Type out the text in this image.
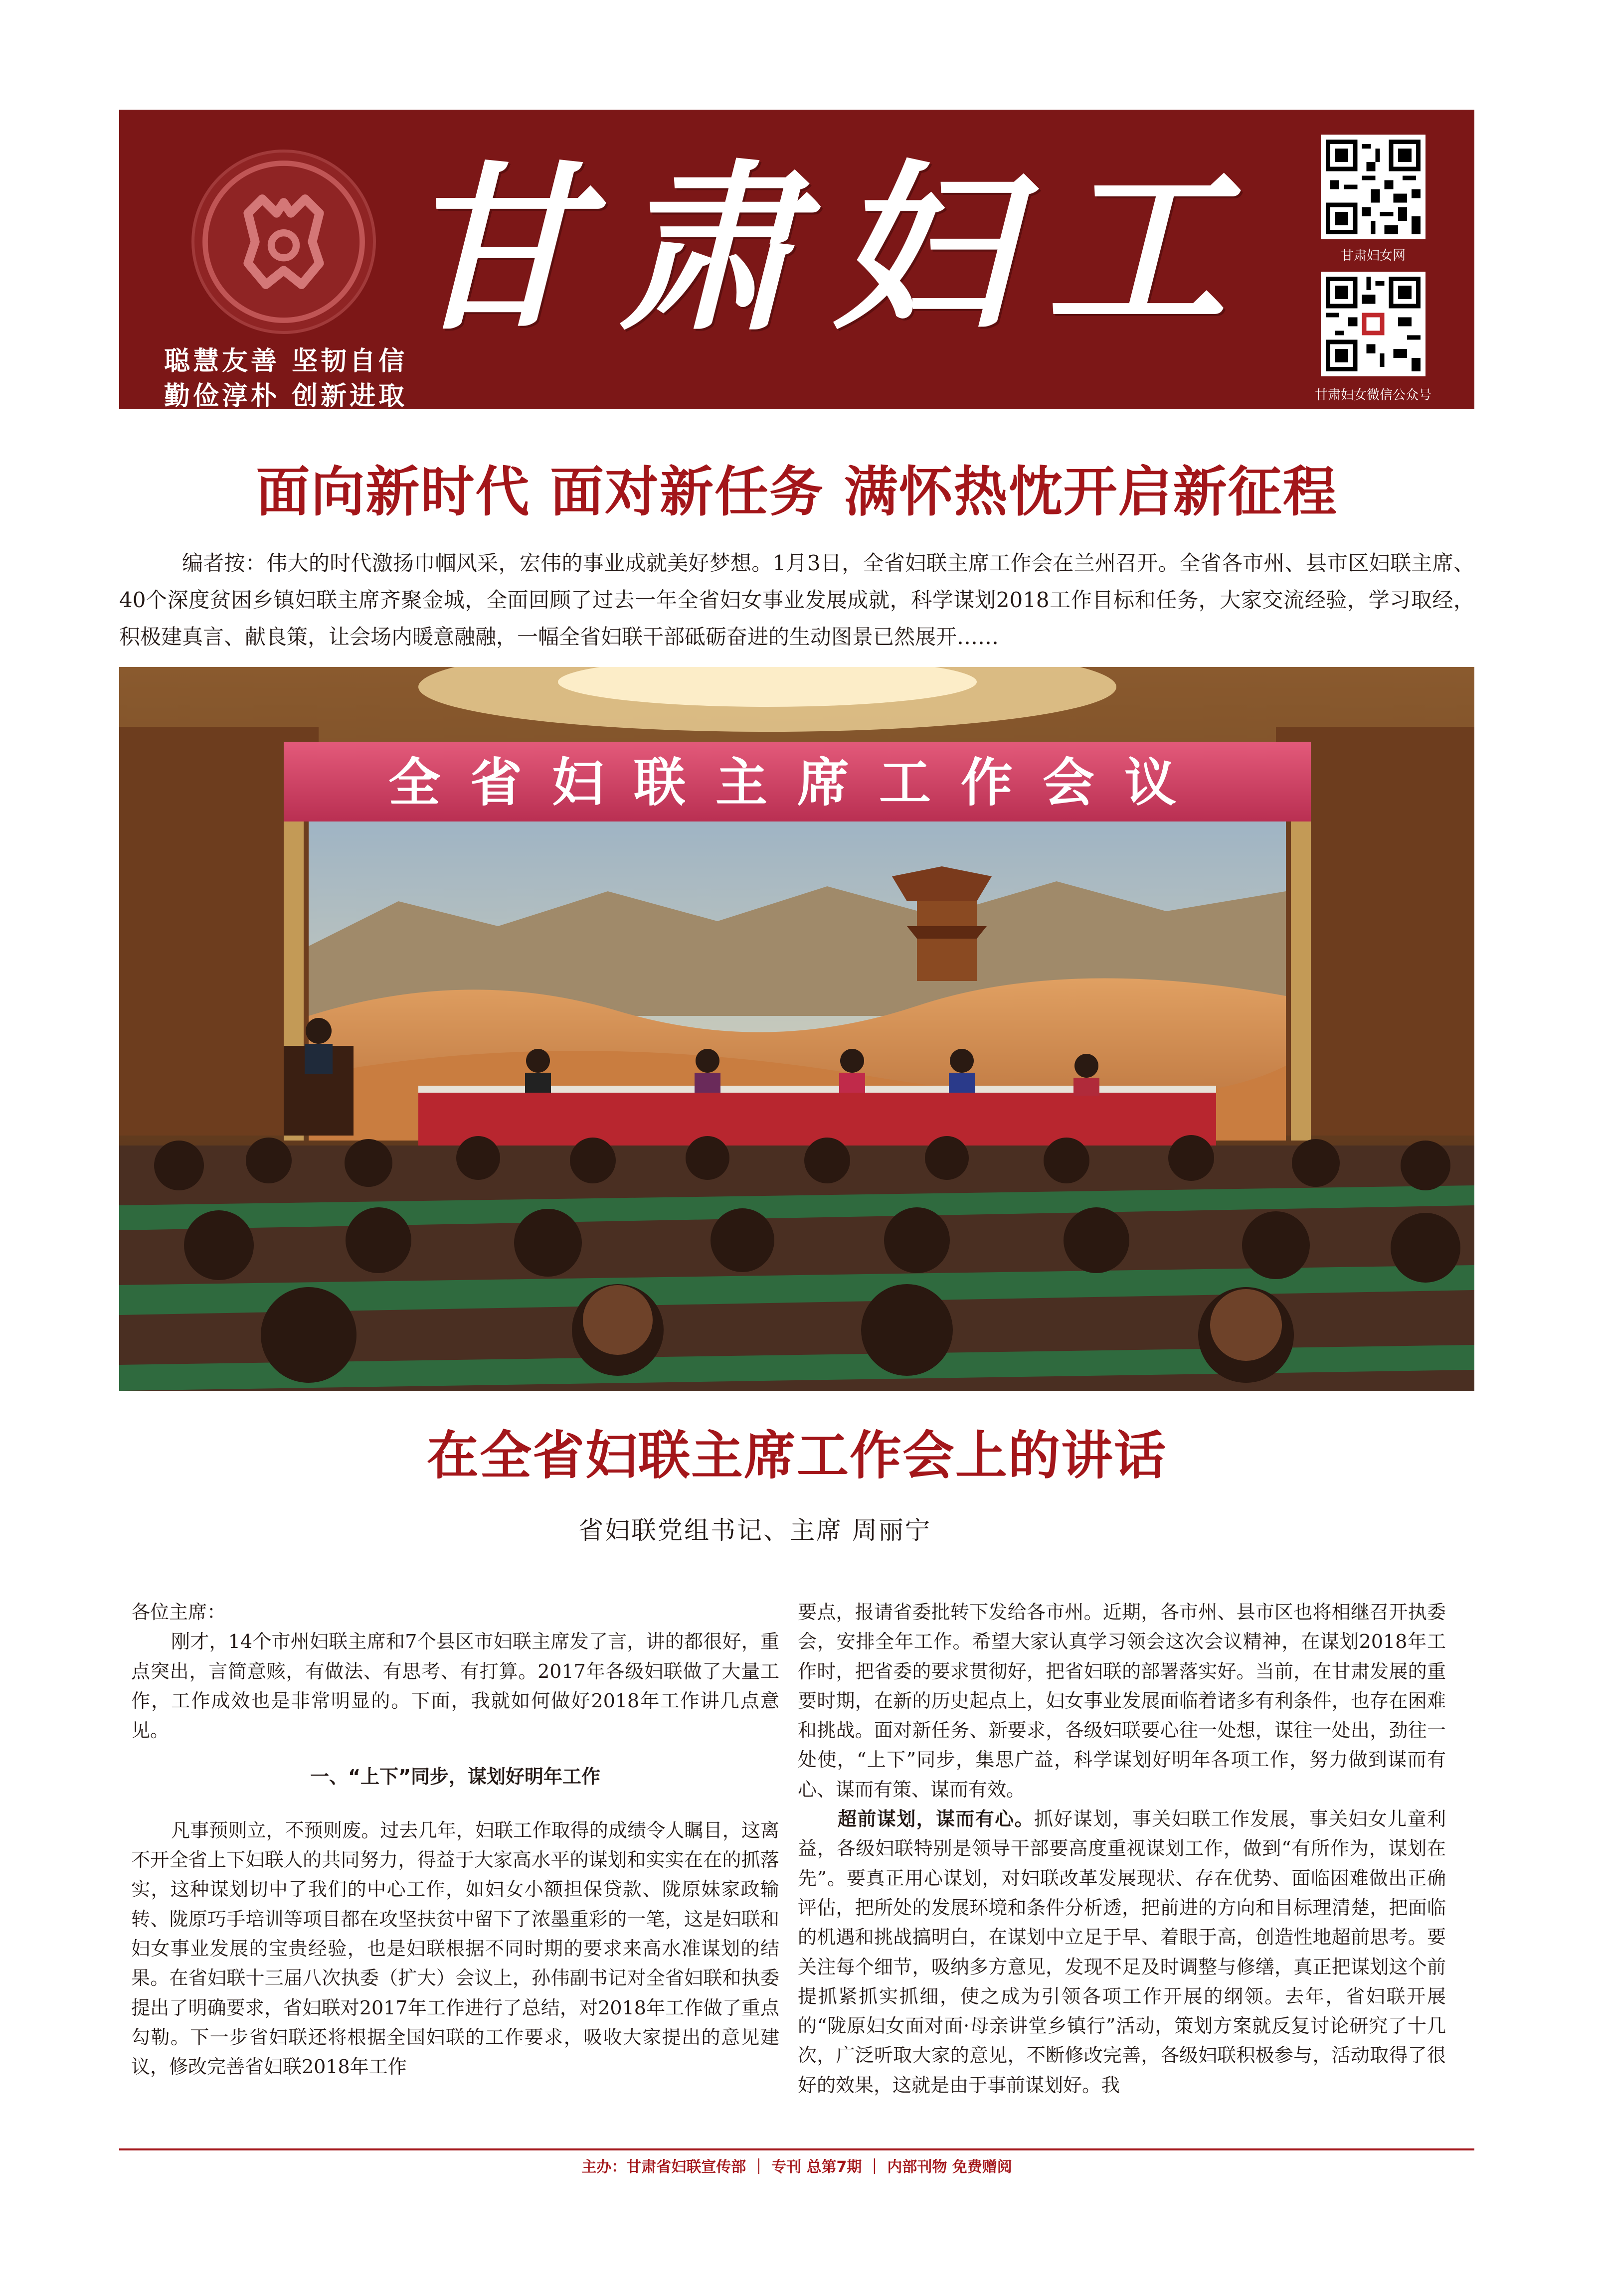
甘肃妇工
聪慧友善 坚韧自信
勤俭淳朴 创新进取
甘肃妇女网
甘肃妇女微信公众号
面向新时代 面对新任务 满怀热忱开启新征程
编者按：伟大的时代激扬巾帼风采，宏伟的事业成就美好梦想。1月3日，全省妇联主席工作会在兰州召开。全省各市州、县市区妇联主席、40个深度贫困乡镇妇联主席齐聚金城，全面回顾了过去一年全省妇女事业发展成就，科学谋划2018工作目标和任务，大家交流经验，学习取经，积极建真言、献良策，让会场内暖意融融，一幅全省妇联干部砥砺奋进的生动图景已然展开……
全省妇联主席工作会议
在全省妇联主席工作会上的讲话
省妇联党组书记、主席 周丽宁

各位主席：

刚才，14个市州妇联主席和7个县区市妇联主席发了言，讲的都很好，重点突出，言简意赅，有做法、有思考、有打算。2017年各级妇联做了大量工作，工作成效也是非常明显的。下面，我就如何做好2018年工作讲几点意见。

一、“上下”同步，谋划好明年工作

凡事预则立，不预则废。过去几年，妇联工作取得的成绩令人瞩目，这离不开全省上下妇联人的共同努力，得益于大家高水平的谋划和实实在在的抓落实，这种谋划切中了我们的中心工作，如妇女小额担保贷款、陇原妹家政输转、陇原巧手培训等项目都在攻坚扶贫中留下了浓墨重彩的一笔，这是妇联和妇女事业发展的宝贵经验，也是妇联根据不同时期的要求来高水准谋划的结果。在省妇联十三届八次执委（扩大）会议上，孙伟副书记对全省妇联和执委提出了明确要求，省妇联对2017年工作进行了总结，对2018年工作做了重点勾勒。下一步省妇联还将根据全国妇联的工作要求，吸收大家提出的意见建议，修改完善省妇联2018年工作

要点，报请省委批转下发给各市州。近期，各市州、县市区也将相继召开执委会，安排全年工作。希望大家认真学习领会这次会议精神，在谋划2018年工作时，把省委的要求贯彻好，把省妇联的部署落实好。当前，在甘肃发展的重要时期，在新的历史起点上，妇女事业发展面临着诸多有利条件，也存在困难和挑战。面对新任务、新要求，各级妇联要心往一处想，谋往一处出，劲往一处使，“上下”同步，集思广益，科学谋划好明年各项工作，努力做到谋而有心、谋而有策、谋而有效。

超前谋划，谋而有心。抓好谋划，事关妇联工作发展，事关妇女儿童利益，各级妇联特别是领导干部要高度重视谋划工作，做到“有所作为，谋划在先”。要真正用心谋划，对妇联改革发展现状、存在优势、面临困难做出正确评估，把所处的发展环境和条件分析透，把前进的方向和目标理清楚，把面临的机遇和挑战搞明白，在谋划中立足于早、着眼于高，创造性地超前思考。要关注每个细节，吸纳多方意见，发现不足及时调整与修缮，真正把谋划这个前提抓紧抓实抓细，使之成为引领各项工作开展的纲领。去年，省妇联开展的“陇原妇女面对面·母亲讲堂乡镇行”活动，策划方案就反复讨论研究了十几次，广泛听取大家的意见，不断修改完善，各级妇联积极参与，活动取得了很好的效果，这就是由于事前谋划好。我

主办：甘肃省妇联宣传部 ｜ 专刊 总第7期 ｜ 内部刊物 免费赠阅
